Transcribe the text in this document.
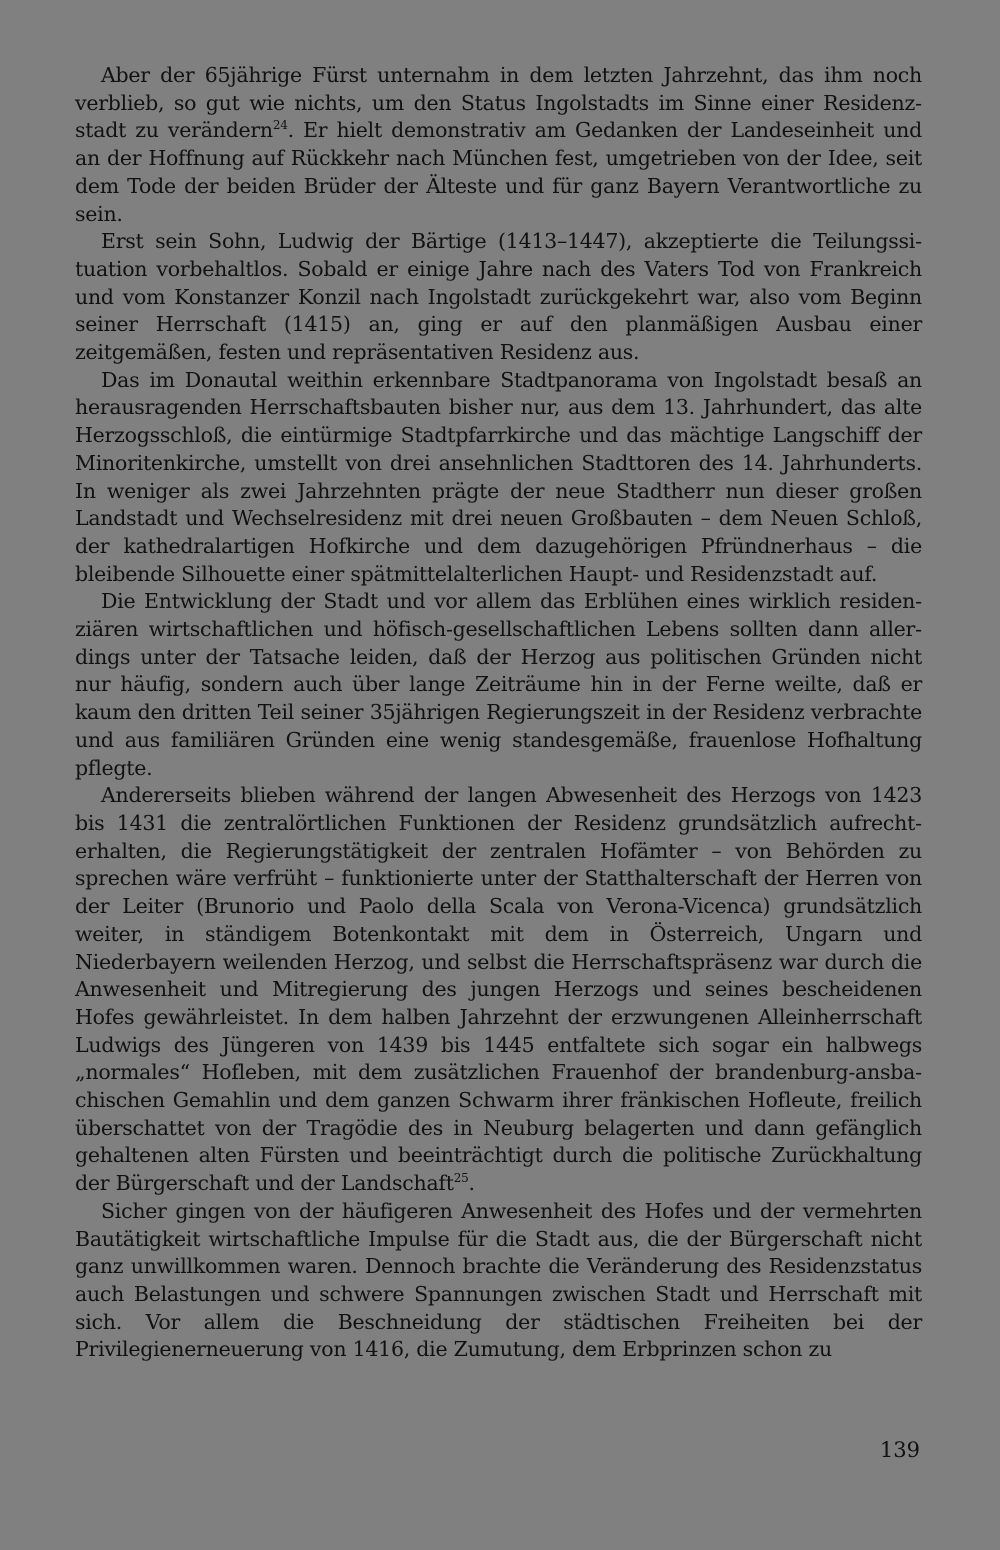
Aber der 65jährige Fürst unternahm in dem letzten Jahrzehnt, das ihm noch verblieb, so gut wie nichts, um den Status Ingolstadts im Sinne einer Residenzstadt zu verändern$^{24}$. Er hielt demonstrativ am Gedanken der Landeseinheit und an der Hoffnung auf Rückkehr nach München fest, umgetrieben von der Idee, seit dem Tode der beiden Brüder der Älteste und für ganz Bayern Verantwortliche zu sein.

Erst sein Sohn, Ludwig der Bärtige (1413–1447), akzeptierte die Teilungssituation vorbehaltlos. Sobald er einige Jahre nach des Vaters Tod von Frankreich und vom Konstanzer Konzil nach Ingolstadt zurückgekehrt war, also vom Beginn seiner Herrschaft (1415) an, ging er auf den planmäßigen Ausbau einer zeitgemäßen, festen und repräsentativen Residenz aus.

Das im Donautal weithin erkennbare Stadtpanorama von Ingolstadt besaß an herausragenden Herrschaftsbauten bisher nur, aus dem 13. Jahrhundert, das alte Herzogsschloß, die eintürmige Stadtpfarrkirche und das mächtige Langschiff der Minoritenkirche, umstellt von drei ansehnlichen Stadttoren des 14. Jahrhunderts. In weniger als zwei Jahrzehnten prägte der neue Stadtherr nun dieser großen Landstadt und Wechselresidenz mit drei neuen Großbauten – dem Neuen Schloß, der kathedralartigen Hofkirche und dem dazugehörigen Pfründnerhaus – die bleibende Silhouette einer spätmittelalterlichen Haupt- und Residenzstadt auf.

Die Entwicklung der Stadt und vor allem das Erblühen eines wirklich residenziären wirtschaftlichen und höfisch-gesellschaftlichen Lebens sollten dann allerdings unter der Tatsache leiden, daß der Herzog aus politischen Gründen nicht nur häufig, sondern auch über lange Zeiträume hin in der Ferne weilte, daß er kaum den dritten Teil seiner 35jährigen Regierungszeit in der Residenz verbrachte und aus familiären Gründen eine wenig standesgemäße, frauenlose Hofhaltung pflegte.

Andererseits blieben während der langen Abwesenheit des Herzogs von 1423 bis 1431 die zentralörtlichen Funktionen der Residenz grundsätzlich aufrechterhalten, die Regierungstätigkeit der zentralen Hofämter – von Behörden zu sprechen wäre verfrüht – funktionierte unter der Statthalterschaft der Herren von der Leiter (Brunorio und Paolo della Scala von Verona-Vicenca) grundsätzlich weiter, in ständigem Botenkontakt mit dem in Österreich, Ungarn und Niederbayern weilenden Herzog, und selbst die Herrschaftspräsenz war durch die Anwesenheit und Mitregierung des jungen Herzogs und seines bescheidenen Hofes gewährleistet. In dem halben Jahrzehnt der erzwungenen Alleinherrschaft Ludwigs des Jüngeren von 1439 bis 1445 entfaltete sich sogar ein halbwegs „normales“ Hofleben, mit dem zusätzlichen Frauenhof der brandenburg-ansbachischen Gemahlin und dem ganzen Schwarm ihrer fränkischen Hofleute, freilich überschattet von der Tragödie des in Neuburg belagerten und dann gefänglich gehaltenen alten Fürsten und beeinträchtigt durch die politische Zurückhaltung der Bürgerschaft und der Landschaft$^{25}$.

Sicher gingen von der häufigeren Anwesenheit des Hofes und der vermehrten Bautätigkeit wirtschaftliche Impulse für die Stadt aus, die der Bürgerschaft nicht ganz unwillkommen waren. Dennoch brachte die Veränderung des Residenzstatus auch Belastungen und schwere Spannungen zwischen Stadt und Herrschaft mit sich. Vor allem die Beschneidung der städtischen Freiheiten bei der Privilegienerneuerung von 1416, die Zumutung, dem Erbprinzen schon zu

139
